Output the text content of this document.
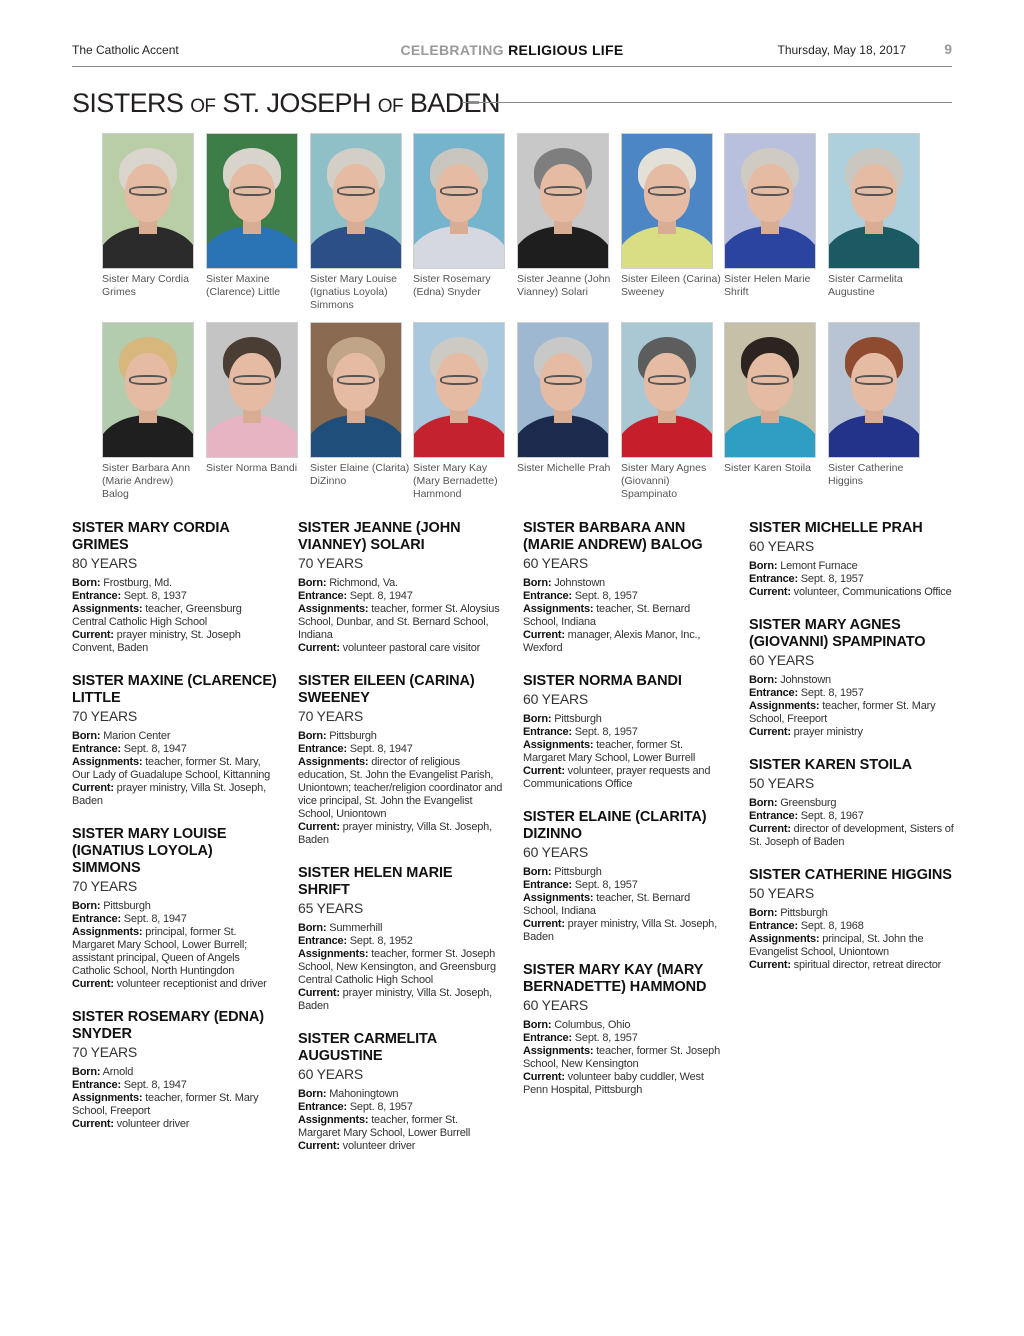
The Catholic Accent	CELEBRATING RELIGIOUS LIFE	Thursday, May 18, 2017	9
SISTERS OF ST. JOSEPH OF BADEN
Sister Mary Cordia Grimes
Sister Maxine (Clarence) Little
Sister Mary Louise (Ignatius Loyola) Simmons
Sister Rosemary (Edna) Snyder
Sister Jeanne (John Vianney) Solari
Sister Eileen (Carina) Sweeney
Sister Helen Marie Shrift
Sister Carmelita Augustine
Sister Barbara Ann (Marie Andrew) Balog
Sister Norma Bandi	Sister Elaine (Clarita) DiZinno
Sister Mary Kay (Mary Bernadette) Hammond
Sister Michelle Prah	Sister Mary Agnes (Giovanni) Spampinato
Sister Karen Stoila	Sister Catherine Higgins
SISTER MARY CORDIA GRIMES
80 YEARS
Born: Frostburg, Md.
Entrance: Sept. 8, 1937
Assignments: teacher, Greensburg Central Catholic High School
Current: prayer ministry, St. Joseph Convent, Baden
SISTER MAXINE (CLARENCE) LITTLE
70 YEARS
Born: Marion Center
Entrance: Sept. 8, 1947
Assignments: teacher, former St. Mary, Our Lady of Guadalupe School, Kittanning
Current: prayer ministry, Villa St. Joseph, Baden
SISTER MARY LOUISE (IGNATIUS LOYOLA) SIMMONS
70 YEARS
Born: Pittsburgh
Entrance: Sept. 8, 1947
Assignments: principal, former St. Margaret Mary School, Lower Burrell; assistant principal, Queen of Angels Catholic School, North Huntingdon
Current: volunteer receptionist and driver
SISTER ROSEMARY (EDNA) SNYDER
70 YEARS
Born: Arnold
Entrance: Sept. 8, 1947
Assignments: teacher, former St. Mary School, Freeport
Current: volunteer driver
SISTER JEANNE (JOHN VIANNEY) SOLARI
70 YEARS
Born: Richmond, Va.
Entrance: Sept. 8, 1947
Assignments: teacher, former St. Aloysius School, Dunbar, and St. Bernard School, Indiana
Current: volunteer pastoral care visitor
SISTER EILEEN (CARINA) SWEENEY
70 YEARS
Born: Pittsburgh
Entrance: Sept. 8, 1947
Assignments: director of religious education, St. John the Evangelist Parish, Uniontown; teacher/religion coordinator and vice principal, St. John the Evangelist School, Uniontown
Current: prayer ministry, Villa St. Joseph, Baden
SISTER HELEN MARIE SHRIFT
65 YEARS
Born: Summerhill
Entrance: Sept. 8, 1952
Assignments: teacher, former St. Joseph School, New Kensington, and Greensburg Central Catholic High School
Current: prayer ministry, Villa St. Joseph, Baden
SISTER CARMELITA AUGUSTINE
60 YEARS
Born: Mahoningtown
Entrance: Sept. 8, 1957
Assignments: teacher, former St. Margaret Mary School, Lower Burrell
Current: volunteer driver
SISTER BARBARA ANN (MARIE ANDREW) BALOG
60 YEARS
Born: Johnstown
Entrance: Sept. 8, 1957
Assignments: teacher, St. Bernard School, Indiana
Current: manager, Alexis Manor, Inc., Wexford
SISTER NORMA BANDI
60 YEARS
Born: Pittsburgh
Entrance: Sept. 8, 1957
Assignments: teacher, former St. Margaret Mary School, Lower Burrell
Current: volunteer, prayer requests and Communications Office
SISTER ELAINE (CLARITA) DIZINNO
60 YEARS
Born: Pittsburgh
Entrance: Sept. 8, 1957
Assignments: teacher, St. Bernard School, Indiana
Current: prayer ministry, Villa St. Joseph, Baden
SISTER MARY KAY (MARY BERNADETTE) HAMMOND
60 YEARS
Born: Columbus, Ohio
Entrance: Sept. 8, 1957
Assignments: teacher, former St. Joseph School, New Kensington
Current: volunteer baby cuddler, West Penn Hospital, Pittsburgh
SISTER MICHELLE PRAH
60 YEARS
Born: Lemont Furnace
Entrance: Sept. 8, 1957
Current: volunteer, Communications Office
SISTER MARY AGNES (GIOVANNI) SPAMPINATO
60 YEARS
Born: Johnstown
Entrance: Sept. 8, 1957
Assignments: teacher, former St. Mary School, Freeport
Current: prayer ministry
SISTER KAREN STOILA
50 YEARS
Born: Greensburg
Entrance: Sept. 8, 1967
Current: director of development, Sisters of St. Joseph of Baden
SISTER CATHERINE HIGGINS
50 YEARS
Born: Pittsburgh
Entrance: Sept. 8, 1968
Assignments: principal, St. John the Evangelist School, Uniontown
Current: spiritual director, retreat director
